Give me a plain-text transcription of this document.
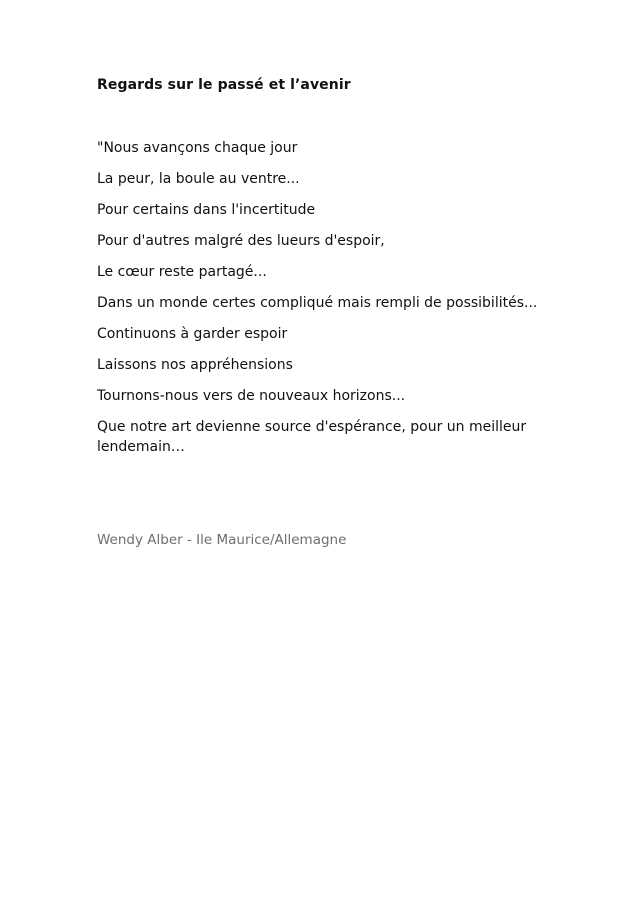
Regards sur le passé et l’avenir

"Nous avançons chaque jour

La peur, la boule au ventre...

Pour certains dans l'incertitude

Pour d'autres malgré des lueurs d'espoir,

Le cœur reste partagé...

Dans un monde certes compliqué mais rempli de possibilités...

Continuons à garder espoir

Laissons nos appréhensions

Tournons-nous vers de nouveaux horizons...

Que notre art devienne source d'espérance, pour un meilleur lendemain…

Wendy Alber - Ile Maurice/Allemagne
